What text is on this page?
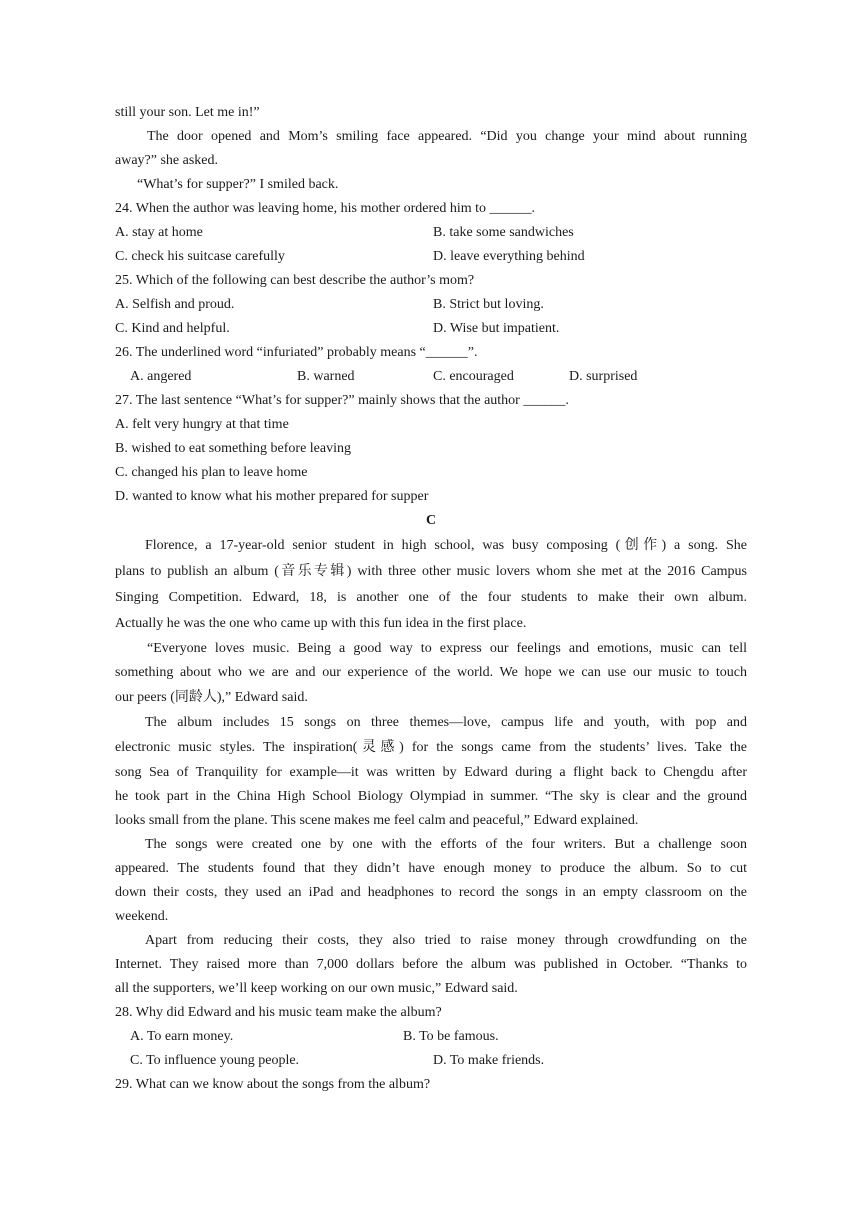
still your son. Let me in!”
The door opened and Mom’s smiling face appeared. “Did you change your mind about running
away?” she asked.
“What’s for supper?” I smiled back.
24. When the author was leaving home, his mother ordered him to ______.
A. stay at home	B. take some sandwiches
C. check his suitcase carefully	D. leave everything behind
25. Which of the following can best describe the author’s mom?
A. Selfish and proud.	B. Strict but loving.
C. Kind and helpful.	D. Wise but impatient.
26. The underlined word “infuriated” probably means “______”.
A. angered	B. warned	C. encouraged	D. surprised
27. The last sentence “What’s for supper?” mainly shows that the author ______.
A. felt very hungry at that time
B. wished to eat something before leaving
C. changed his plan to leave home
D. wanted to know what his mother prepared for supper
C
Florence, a 17-year-old senior student in high school, was busy composing (创作) a song. She
plans to publish an album (音乐专辑) with three other music lovers whom she met at the 2016 Campus
Singing Competition. Edward, 18, is another one of the four students to make their own album.
Actually he was the one who came up with this fun idea in the first place.
“Everyone loves music. Being a good way to express our feelings and emotions, music can tell
something about who we are and our experience of the world. We hope we can use our music to touch
our peers (同龄人),” Edward said.
The album includes 15 songs on three themes—love, campus life and youth, with pop and
electronic music styles. The inspiration(灵感) for the songs came from the students’ lives. Take the
song Sea of Tranquility for example—it was written by Edward during a flight back to Chengdu after
he took part in the China High School Biology Olympiad in summer. “The sky is clear and the ground
looks small from the plane. This scene makes me feel calm and peaceful,” Edward explained.
The songs were created one by one with the efforts of the four writers. But a challenge soon
appeared. The students found that they didn’t have enough money to produce the album. So to cut
down their costs, they used an iPad and headphones to record the songs in an empty classroom on the
weekend.
Apart from reducing their costs, they also tried to raise money through crowdfunding on the
Internet. They raised more than 7,000 dollars before the album was published in October. “Thanks to
all the supporters, we’ll keep working on our own music,” Edward said.
28. Why did Edward and his music team make the album?
A. To earn money.	B. To be famous.
C. To influence young people.	D. To make friends.
29. What can we know about the songs from the album?
